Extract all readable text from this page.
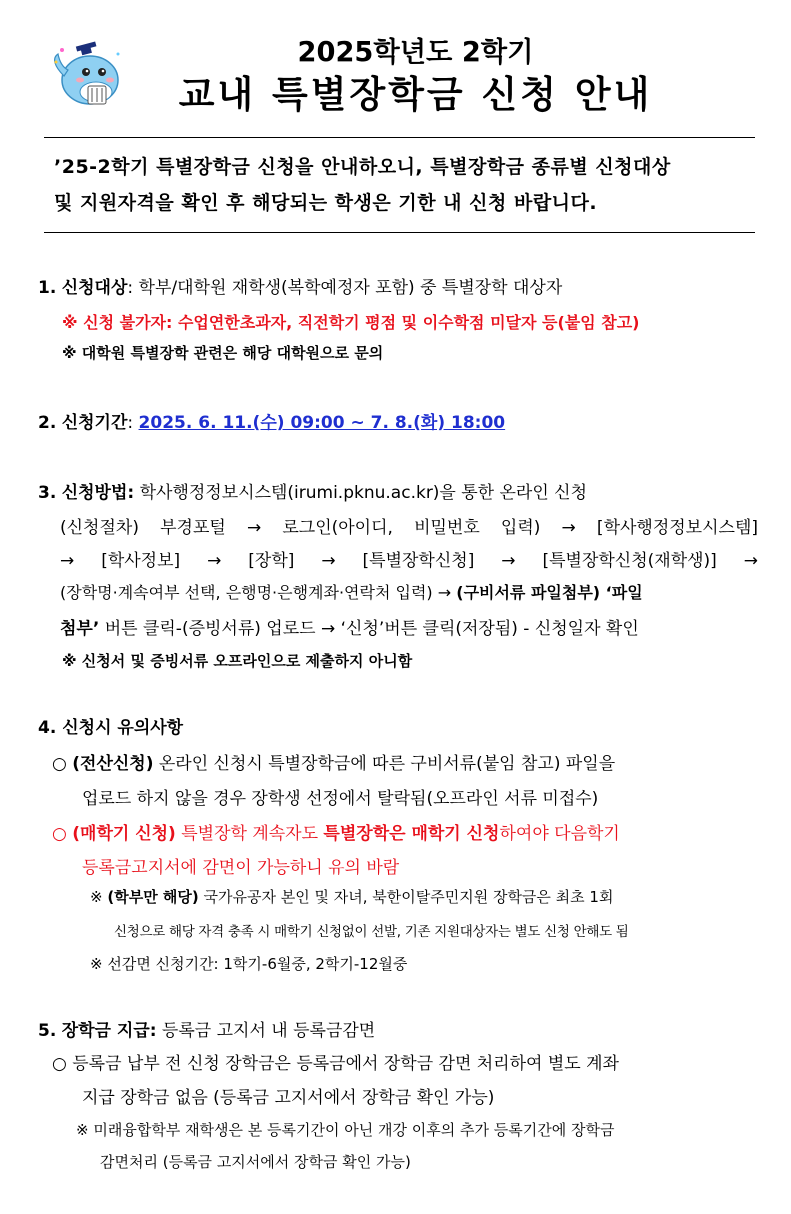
2025학년도 2학기
교내 특별장학금 신청 안내
’25-2학기 특별장학금 신청을 안내하오니, 특별장학금 종류별 신청대상
및 지원자격을 확인 후 해당되는 학생은 기한 내 신청 바랍니다.
1. 신청대상: 학부/대학원 재학생(복학예정자 포함) 중 특별장학 대상자
※ 신청 불가자: 수업연한초과자, 직전학기 평점 및 이수학점 미달자 등(붙임 참고)
※ 대학원 특별장학 관련은 해당 대학원으로 문의
2. 신청기간: 2025. 6. 11.(수) 09:00 ~ 7. 8.(화) 18:00
3. 신청방법: 학사행정정보시스템(irumi.pknu.ac.kr)을 통한 온라인 신청
(신청절차) 부경포털 → 로그인(아이디, 비밀번호 입력) → [학사행정정보시스템]
→ [학사정보] → [장학] → [특별장학신청] → [특별장학신청(재학생)] →
(장학명·계속여부 선택, 은행명·은행계좌·연락처 입력) → (구비서류 파일첨부) ‘파일
첨부’ 버튼 클릭-(증빙서류) 업로드 → ‘신청’버튼 클릭(저장됨) - 신청일자 확인
※ 신청서 및 증빙서류 오프라인으로 제출하지 아니함
4. 신청시 유의사항
○ (전산신청) 온라인 신청시 특별장학금에 따른 구비서류(붙임 참고) 파일을
업로드 하지 않을 경우 장학생 선정에서 탈락됨(오프라인 서류 미접수)
○ (매학기 신청) 특별장학 계속자도 특별장학은 매학기 신청하여야 다음학기
등록금고지서에 감면이 가능하니 유의 바람
※ (학부만 해당) 국가유공자 본인 및 자녀, 북한이탈주민지원 장학금은 최초 1회
신청으로 해당 자격 충족 시 매학기 신청없이 선발, 기존 지원대상자는 별도 신청 안해도 됨
※ 선감면 신청기간: 1학기-6월중, 2학기-12월중
5. 장학금 지급: 등록금 고지서 내 등록금감면
○ 등록금 납부 전 신청 장학금은 등록금에서 장학금 감면 처리하여 별도 계좌
지급 장학금 없음 (등록금 고지서에서 장학금 확인 가능)
※ 미래융합학부 재학생은 본 등록기간이 아닌 개강 이후의 추가 등록기간에 장학금
감면처리 (등록금 고지서에서 장학금 확인 가능)
